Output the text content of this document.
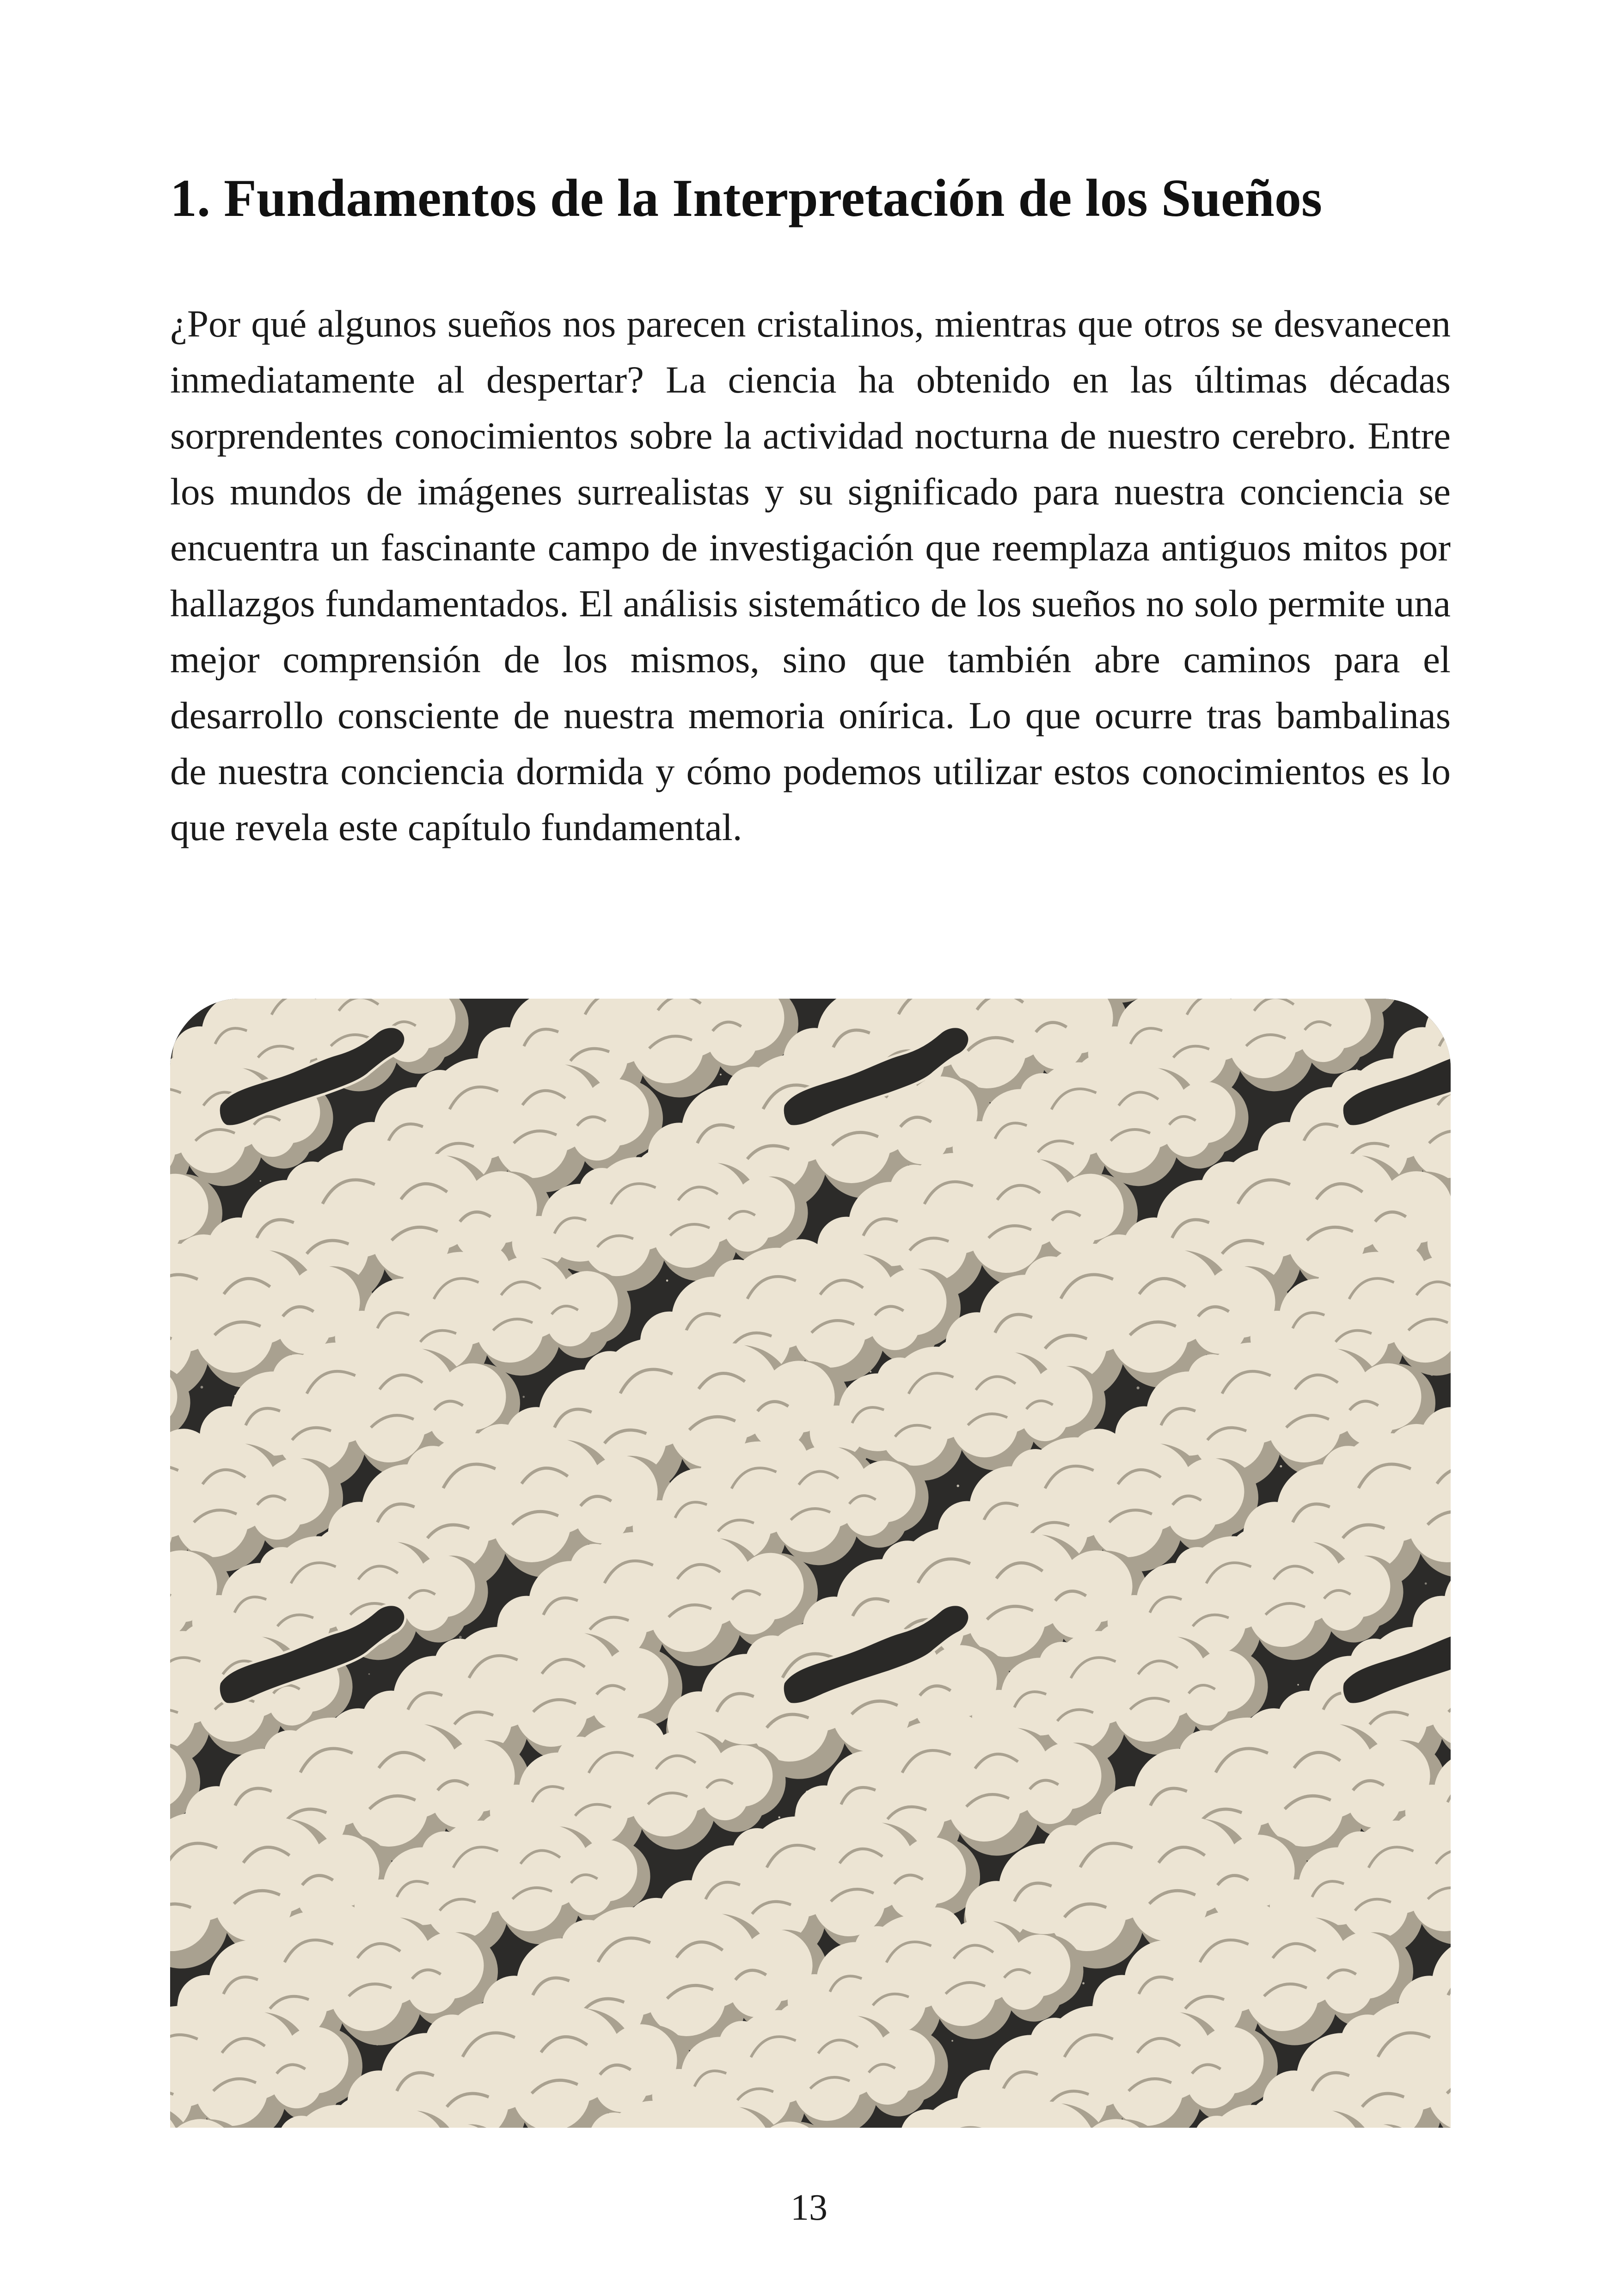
1. Fundamentos de la Interpretación de los Sueños

¿Por qué algunos sueños nos parecen cristalinos, mientras que otros se desvanecen inmediatamente al despertar? La ciencia ha obtenido en las últimas décadas sorprendentes conocimientos sobre la actividad nocturna de nuestro cerebro. Entre los mundos de imágenes surrealistas y su significado para nuestra conciencia se encuentra un fascinante campo de investigación que reemplaza antiguos mitos por hallazgos fundamentados. El análisis sistemático de los sueños no solo permite una mejor comprensión de los mismos, sino que también abre caminos para el desarrollo consciente de nuestra memoria onírica. Lo que ocurre tras bambalinas de nuestra conciencia dormida y cómo podemos utilizar estos conocimientos es lo que revela este capítulo fundamental.

13
